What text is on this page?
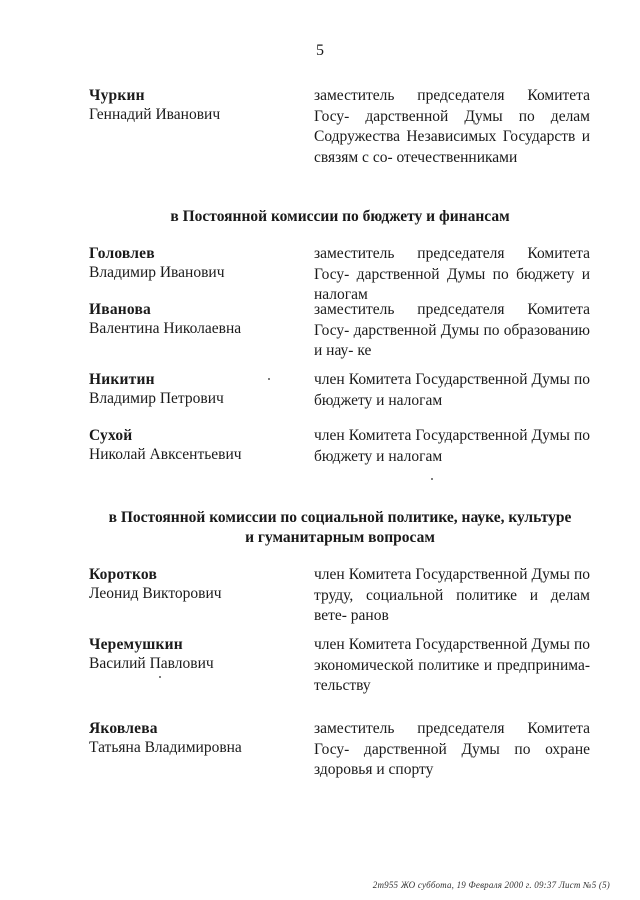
5
Чуркин
Геннадий Иванович
заместитель председателя Комитета Госу- дарственной Думы по делам Содружества Независимых Государств и связям с со- отечественниками
в Постоянной комиссии по бюджету и финансам
Головлев
Владимир Иванович
заместитель председателя Комитета Госу- дарственной Думы по бюджету и налогам
Иванова
Валентина Николаевна
заместитель председателя Комитета Госу- дарственной Думы по образованию и нау- ке
Никитин
Владимир Петрович
член Комитета Государственной Думы по бюджету и налогам
Сухой
Николай Авксентьевич
член Комитета Государственной Думы по бюджету и налогам
в Постоянной комиссии по социальной политике, науке, культуре
и гуманитарным вопросам
Коротков
Леонид Викторович
член Комитета Государственной Думы по труду, социальной политике и делам вете- ранов
Черемушкин
Василий Павлович
член Комитета Государственной Думы по экономической политике и предпринима- тельству
Яковлева
Татьяна Владимировна
заместитель председателя Комитета Госу- дарственной Думы по охране здоровья и спорту
2m955 ЖО суббота, 19 Февраля 2000 г. 09:37 Лист №5 (5)
